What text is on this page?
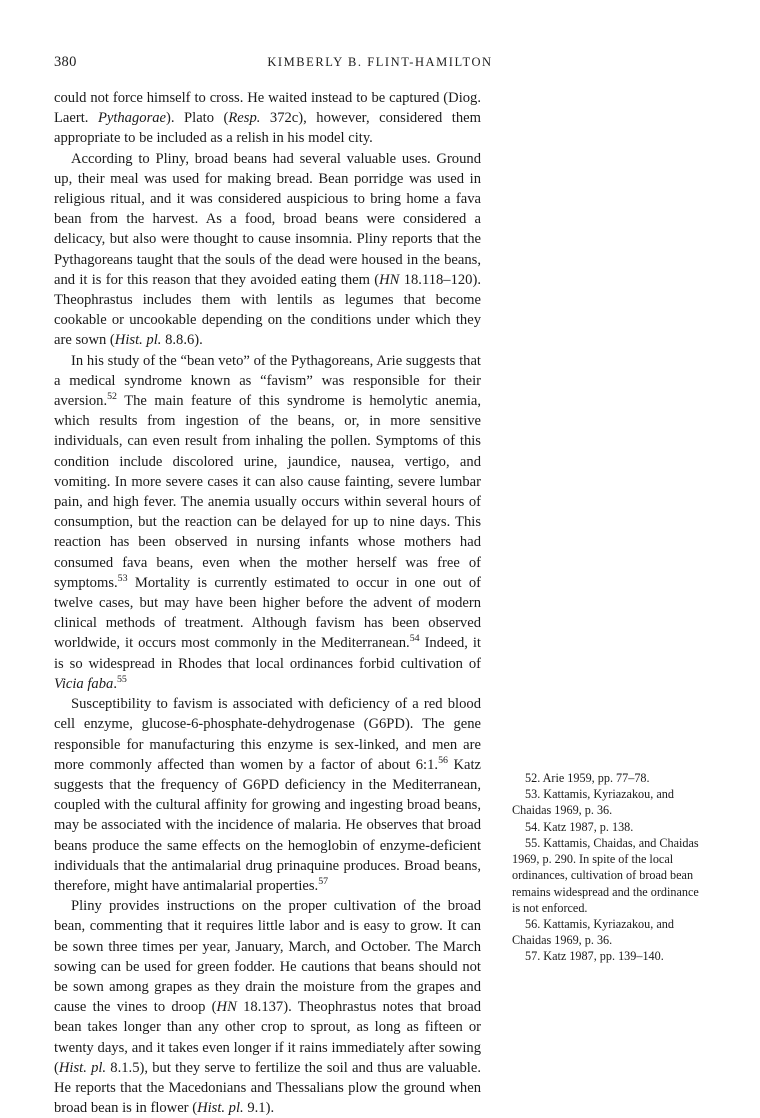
380	KIMBERLY B. FLINT-HAMILTON

could not force himself to cross. He waited instead to be captured (Diog. Laert. Pythagorae). Plato (Resp. 372c), however, considered them appropriate to be included as a relish in his model city.

According to Pliny, broad beans had several valuable uses. Ground up, their meal was used for making bread. Bean porridge was used in religious ritual, and it was considered auspicious to bring home a fava bean from the harvest. As a food, broad beans were considered a delicacy, but also were thought to cause insomnia. Pliny reports that the Pythagoreans taught that the souls of the dead were housed in the beans, and it is for this reason that they avoided eating them (HN 18.118–120). Theophrastus includes them with lentils as legumes that become cookable or uncookable depending on the conditions under which they are sown (Hist. pl. 8.8.6).

In his study of the “bean veto” of the Pythagoreans, Arie suggests that a medical syndrome known as “favism” was responsible for their aversion.$^{52}$ The main feature of this syndrome is hemolytic anemia, which results from ingestion of the beans, or, in more sensitive individuals, can even result from inhaling the pollen. Symptoms of this condition include discolored urine, jaundice, nausea, vertigo, and vomiting. In more severe cases it can also cause fainting, severe lumbar pain, and high fever. The anemia usually occurs within several hours of consumption, but the reaction can be delayed for up to nine days. This reaction has been observed in nursing infants whose mothers had consumed fava beans, even when the mother herself was free of symptoms.$^{53}$ Mortality is currently estimated to occur in one out of twelve cases, but may have been higher before the advent of modern clinical methods of treatment. Although favism has been observed worldwide, it occurs most commonly in the Mediterranean.$^{54}$ Indeed, it is so widespread in Rhodes that local ordinances forbid cultivation of Vicia faba.$^{55}$

Susceptibility to favism is associated with deficiency of a red blood cell enzyme, glucose-6-phosphate-dehydrogenase (G6PD). The gene responsible for manufacturing this enzyme is sex-linked, and men are more commonly affected than women by a factor of about 6:1.56 Katz suggests that the frequency of G6PD deficiency in the Mediterranean, coupled with the cultural affinity for growing and ingesting broad beans, may be associated with the incidence of malaria. He observes that broad beans produce the same effects on the hemoglobin of enzyme-deficient individuals that the antimalarial drug prinaquine produces. Broad beans, therefore, might have antimalarial properties.$^{57}$

Pliny provides instructions on the proper cultivation of the broad bean, commenting that it requires little labor and is easy to grow. It can be sown three times per year, January, March, and October. The March sowing can be used for green fodder. He cautions that beans should not be sown among grapes as they drain the moisture from the grapes and cause the vines to droop (HN 18.137). Theophrastus notes that broad bean takes longer than any other crop to sprout, as long as fifteen or twenty days, and it takes even longer if it rains immediately after sowing (Hist. pl. 8.1.5), but they serve to fertilize the soil and thus are valuable. He reports that the Macedonians and Thessalians plow the ground when broad bean is in flower (Hist. pl. 9.1).

52. Arie 1959, pp. 77–78.

53. Kattamis, Kyriazakou, and Chaidas 1969, p. 36.

54. Katz 1987, p. 138.

55. Kattamis, Chaidas, and Chaidas 1969, p. 290. In spite of the local ordinances, cultivation of broad bean remains widespread and the ordinance is not enforced.

56. Kattamis, Kyriazakou, and Chaidas 1969, p. 36.

57. Katz 1987, pp. 139–140.
